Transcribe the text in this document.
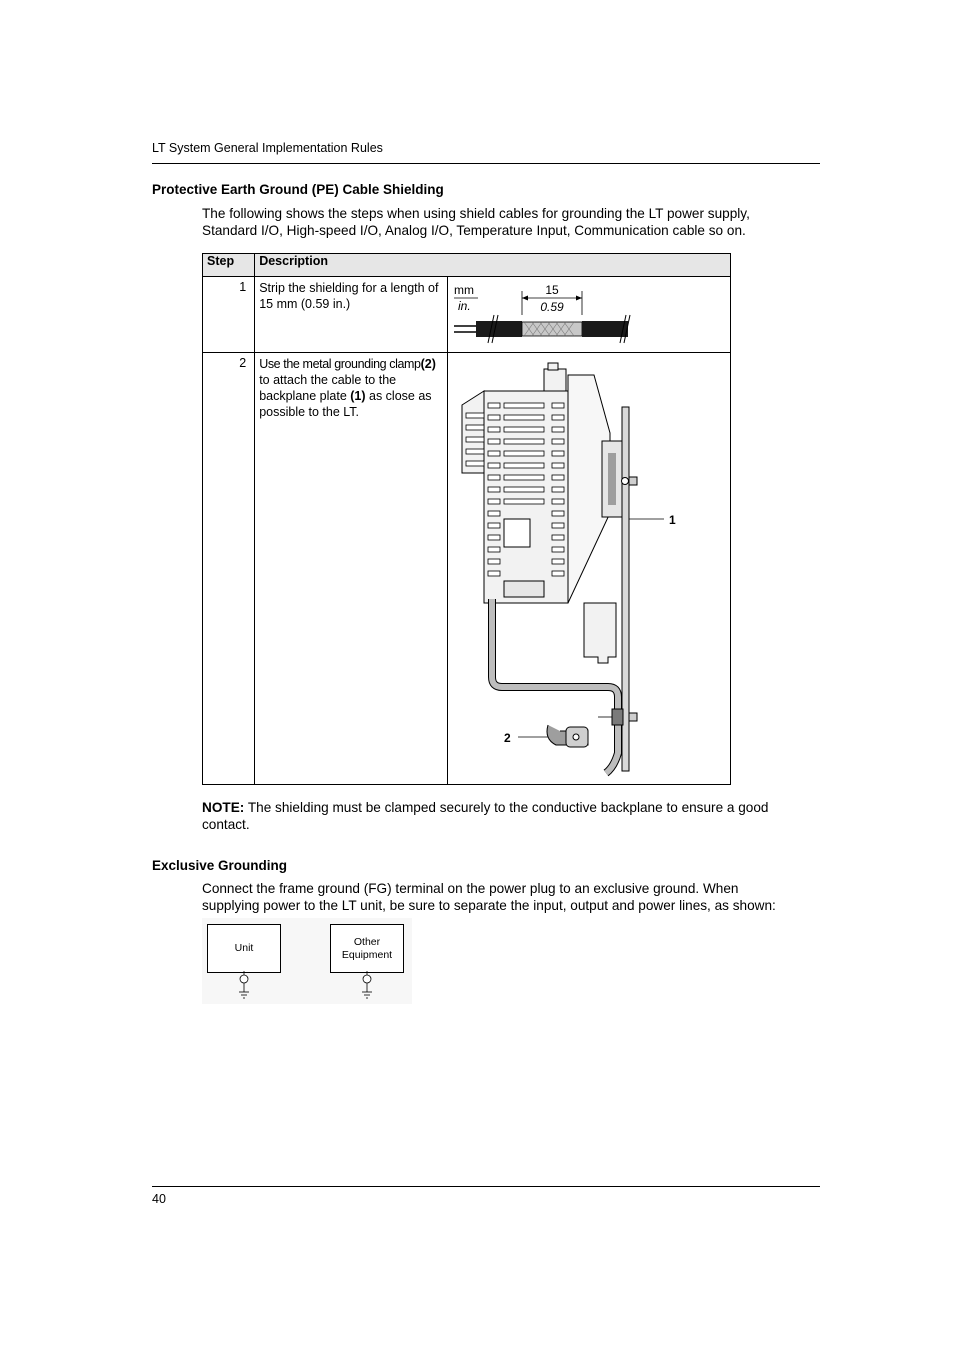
LT System General Implementation Rules
Protective Earth Ground (PE) Cable Shielding
The following shows the steps when using shield cables for grounding the LT power supply,
Standard I/O, High-speed I/O, Analog I/O, Temperature Input, Communication cable so on.
Step	Description	
1	Strip the shielding for a length of 15 mm (0.59 in.)	mm
in.
15
0.59

2	Use the metal grounding clamp(2) to attach the cable to the backplane plate (1) as close as possible to the LT.	1
2
NOTE: The shielding must be clamped securely to the conductive backplane to ensure a good
contact.
Exclusive Grounding
Connect the frame ground (FG) terminal on the power plug to an exclusive ground. When
supplying power to the LT unit, be sure to separate the input, output and power lines, as shown:
Unit
Other
Equipment
40
